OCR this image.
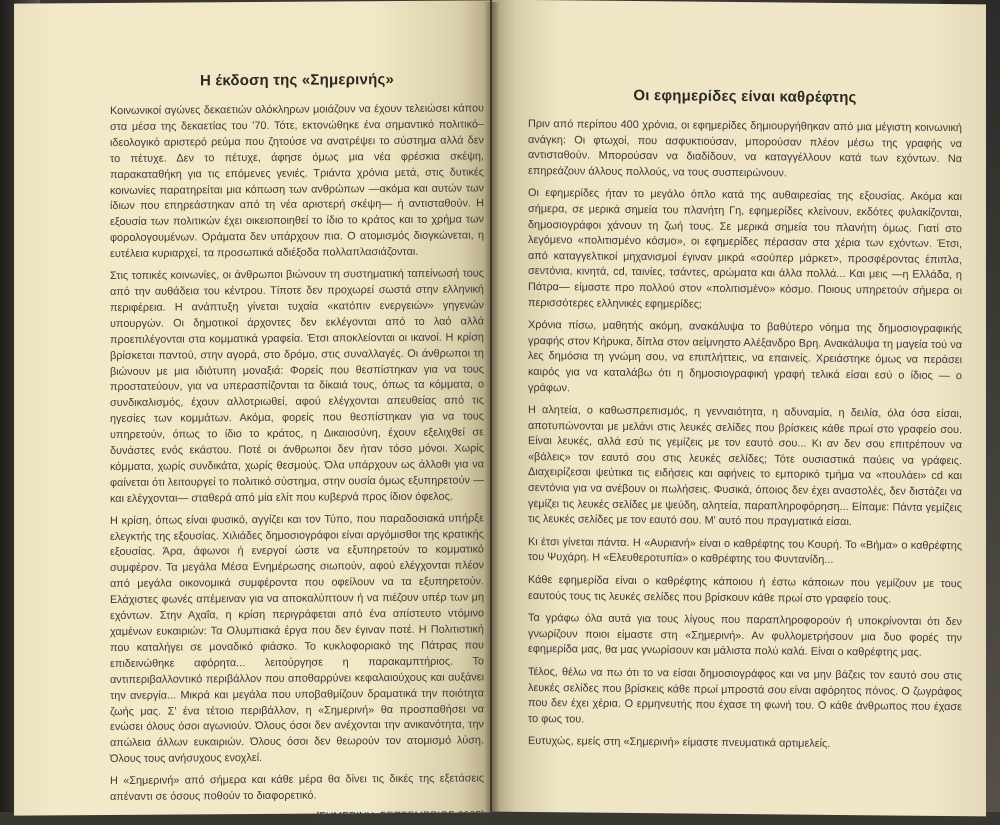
Η έκδοση της «Σημερινής»

Κοινωνικοί αγώνες δεκαετιών ολόκληρων μοιάζουν να έχουν τελειώσει κάπου στα μέσα της δεκαετίας του '70. Τότε, εκτονώθηκε ένα σημαντικό πολιτικό–ιδεολογικό αριστερό ρεύμα που ζητούσε να ανατρέψει το σύστημα αλλά δεν το πέτυχε. Δεν το πέτυχε, άφησε όμως μια νέα φρέσκια σκέψη, παρακαταθήκη για τις επόμενες γενιές. Τριάντα χρόνια μετά, στις δυτικές κοινωνίες παρατηρείται μια κόπωση των ανθρώπων —ακόμα και αυτών των ίδιων που επηρεάστηκαν από τη νέα αριστερή σκέψη— ή αντισταθούν. Η εξουσία των πολιτικών έχει οικειοποιηθεί το ίδιο το κράτος και το χρήμα των φορολογουμένων. Οράματα δεν υπάρχουν πια. Ο ατομισμός διογκώνεται, η ευτέλεια κυριαρχεί, τα προσωπικά αδιέξοδα πολλαπλασιάζονται.

Στις τοπικές κοινωνίες, οι άνθρωποι βιώνουν τη συστηματική ταπείνωσή τους από την αυθάδεια του κέντρου. Τίποτε δεν προχωρεί σωστά στην ελληνική περιφέρεια. Η ανάπτυξη γίνεται τυχαία «κατόπιν ενεργειών» γηγενών υπουργών. Οι δημοτικοί άρχοντες δεν εκλέγονται από το λαό αλλά προεπιλέγονται στα κομματικά γραφεία. Έτσι αποκλείονται οι ικανοί. Η κρίση βρίσκεται παντού, στην αγορά, στο δρόμο, στις συναλλαγές. Οι άνθρωποι τη βιώνουν με μια ιδιότυπη μοναξιά: Φορείς που θεσπίστηκαν για να τους προστατεύουν, για να υπερασπίζονται τα δίκαιά τους, όπως τα κόμματα, ο συνδικαλισμός, έχουν αλλοτριωθεί, αφού ελέγχονται απευθείας από τις ηγεσίες των κομμάτων. Ακόμα, φορείς που θεσπίστηκαν για να τους υπηρετούν, όπως το ίδιο το κράτος, η Δικαιοσύνη, έχουν εξελιχθεί σε δυνάστες ενός εκάστου. Ποτέ οι άνθρωποι δεν ήταν τόσο μόνοι. Χωρίς κόμματα, χωρίς συνδικάτα, χωρίς θεσμούς. Όλα υπάρχουν ως άλλοθι για να φαίνεται ότι λειτουργεί το πολιτικό σύστημα, στην ουσία όμως εξυπηρετούν —και ελέγχονται— σταθερά από μία ελίτ που κυβερνά προς ίδιον όφελος.

Η κρίση, όπως είναι φυσικό, αγγίζει και τον Τύπο, που παραδοσιακά υπήρξε ελεγκτής της εξουσίας. Χιλιάδες δημοσιογράφοι είναι αργόμισθοι της κρατικής εξουσίας. Άρα, άφωνοι ή ενεργοί ώστε να εξυπηρετούν το κομματικό συμφέρον. Τα μεγάλα Μέσα Ενημέρωσης σιωπούν, αφού ελέγχονται πλέον από μεγάλα οικονομικά συμφέροντα που οφείλουν να τα εξυπηρετούν. Ελάχιστες φωνές απέμειναν για να αποκαλύπτουν ή να πιέζουν υπέρ των μη εχόντων. Στην Αχαΐα, η κρίση περιγράφεται από ένα απίστευτο ντόμινο χαμένων ευκαιριών: Τα Ολυμπιακά έργα που δεν έγιναν ποτέ. Η Πολιτιστική που καταλήγει σε μοναδικό φιάσκο. Το κυκλοφοριακό της Πάτρας που επιδεινώθηκε αφόρητα... λειτούργησε η παρακαμπτήριος. Το αντιπεριβαλλοντικό περιβάλλον που αποθαρρύνει κεφαλαιούχους και αυξάνει την ανεργία... Μικρά και μεγάλα που υποβαθμίζουν δραματικά την ποιότητα ζωής μας. Σ' ένα τέτοιο περιβάλλον, η «Σημερινή» θα προσπαθήσει να ενώσει όλους όσοι αγωνιούν. Όλους όσοι δεν ανέχονται την ανικανότητα, την απώλεια άλλων ευκαιριών. Όλους όσοι δεν θεωρούν τον ατομισμό λύση. Όλους τους ανήσυχους ενοχλεί.

Η «Σημερινή» από σήμερα και κάθε μέρα θα δίνει τις δικές της εξετάσεις απέναντι σε όσους ποθούν το διαφορετικό.

[ΣΗΜΕΡΙΝΗ, ΣΕΠΤΕΜΒΡΙΟΣ 2005]
Οι εφημερίδες είναι καθρέφτης

Πριν από περίπου 400 χρόνια, οι εφημερίδες δημιουργήθηκαν από μια μέγιστη κοινωνική ανάγκη: Οι φτωχοί, που ασφυκτιούσαν, μπορούσαν πλέον μέσω της γραφής να αντισταθούν. Μπορούσαν να διαδίδουν, να καταγγέλλουν κατά των εχόντων. Να επηρεάζουν άλλους πολλούς, να τους συσπειρώνουν.

Οι εφημερίδες ήταν το μεγάλο όπλο κατά της αυθαιρεσίας της εξουσίας. Ακόμα και σήμερα, σε μερικά σημεία του πλανήτη Γη, εφημερίδες κλείνουν, εκδότες φυλακίζονται, δημοσιογράφοι χάνουν τη ζωή τους. Σε μερικά σημεία του πλανήτη όμως. Γιατί στο λεγόμενο «πολιτισμένο κόσμο», οι εφημερίδες πέρασαν στα χέρια των εχόντων. Έτσι, από καταγγελτικοί μηχανισμοί έγιναν μικρά «σούπερ μάρκετ», προσφέροντας έπιπλα, σεντόνια, κινητά, cd, ταινίες, τσάντες, αρώματα και άλλα πολλά... Και μεις —η Ελλάδα, η Πάτρα— είμαστε προ πολλού στον «πολιτισμένο» κόσμο. Ποιους υπηρετούν σήμερα οι περισσότερες ελληνικές εφημερίδες;

Χρόνια πίσω, μαθητής ακόμη, ανακάλυψα το βαθύτερο νόημα της δημοσιογραφικής γραφής στον Κήρυκα, δίπλα στον αείμνηστο Αλέξανδρο Βρη. Ανακάλυψα τη μαγεία τού να λες δημόσια τη γνώμη σου, να επιπλήττεις, να επαινείς. Χρειάστηκε όμως να περάσει καιρός για να καταλάβω ότι η δημοσιογραφική γραφή τελικά είσαι εσύ ο ίδιος — ο γράφων.

Η αλητεία, ο καθωσπρεπισμός, η γενναιότητα, η αδυναμία, η δειλία, όλα όσα είσαι, αποτυπώνονται με μελάνι στις λευκές σελίδες που βρίσκεις κάθε πρωί στο γραφείο σου. Είναι λευκές, αλλά εσύ τις γεμίζεις με τον εαυτό σου... Κι αν δεν σου επιτρέπουν να «βάλεις» τον εαυτό σου στις λευκές σελίδες; Τότε ουσιαστικά παύεις να γράφεις. Διαχειρίζεσαι ψεύτικα τις ειδήσεις και αφήνεις το εμπορικό τμήμα να «πουλάει» cd και σεντόνια για να ανέβουν οι πωλήσεις. Φυσικά, όποιος δεν έχει αναστολές, δεν διστάζει να γεμίζει τις λευκές σελίδες με ψεύδη, αλητεία, παραπληροφόρηση... Είπαμε: Πάντα γεμίζεις τις λευκές σελίδες με τον εαυτό σου. Μ' αυτό που πραγματικά είσαι.

Κι έτσι γίνεται πάντα. Η «Αυριανή» είναι ο καθρέφτης του Κουρή. Το «Βήμα» ο καθρέφτης του Ψυχάρη. Η «Ελευθεροτυπία» ο καθρέφτης του Φυντανίδη...

Κάθε εφημερίδα είναι ο καθρέφτης κάποιου ή έστω κάποιων που γεμίζουν με τους εαυτούς τους τις λευκές σελίδες που βρίσκουν κάθε πρωί στο γραφείο τους.

Τα γράφω όλα αυτά για τους λίγους που παραπληροφορούν ή υποκρίνονται ότι δεν γνωρίζουν ποιοι είμαστε στη «Σημερινή». Αν φυλλομετρήσουν μια δυο φορές την εφημερίδα μας, θα μας γνωρίσουν και μάλιστα πολύ καλά. Είναι ο καθρέφτης μας.

Τέλος, θέλω να πω ότι το να είσαι δημοσιογράφος και να μην βάζεις τον εαυτό σου στις λευκές σελίδες που βρίσκεις κάθε πρωί μπροστά σου είναι αφόρητος πόνος. Ο ζωγράφος που δεν έχει χέρια. Ο ερμηνευτής που έχασε τη φωνή του. Ο κάθε άνθρωπος που έχασε το φως του.

Ευτυχώς, εμείς στη «Σημερινή» είμαστε πνευματικά αρτιμελείς.
